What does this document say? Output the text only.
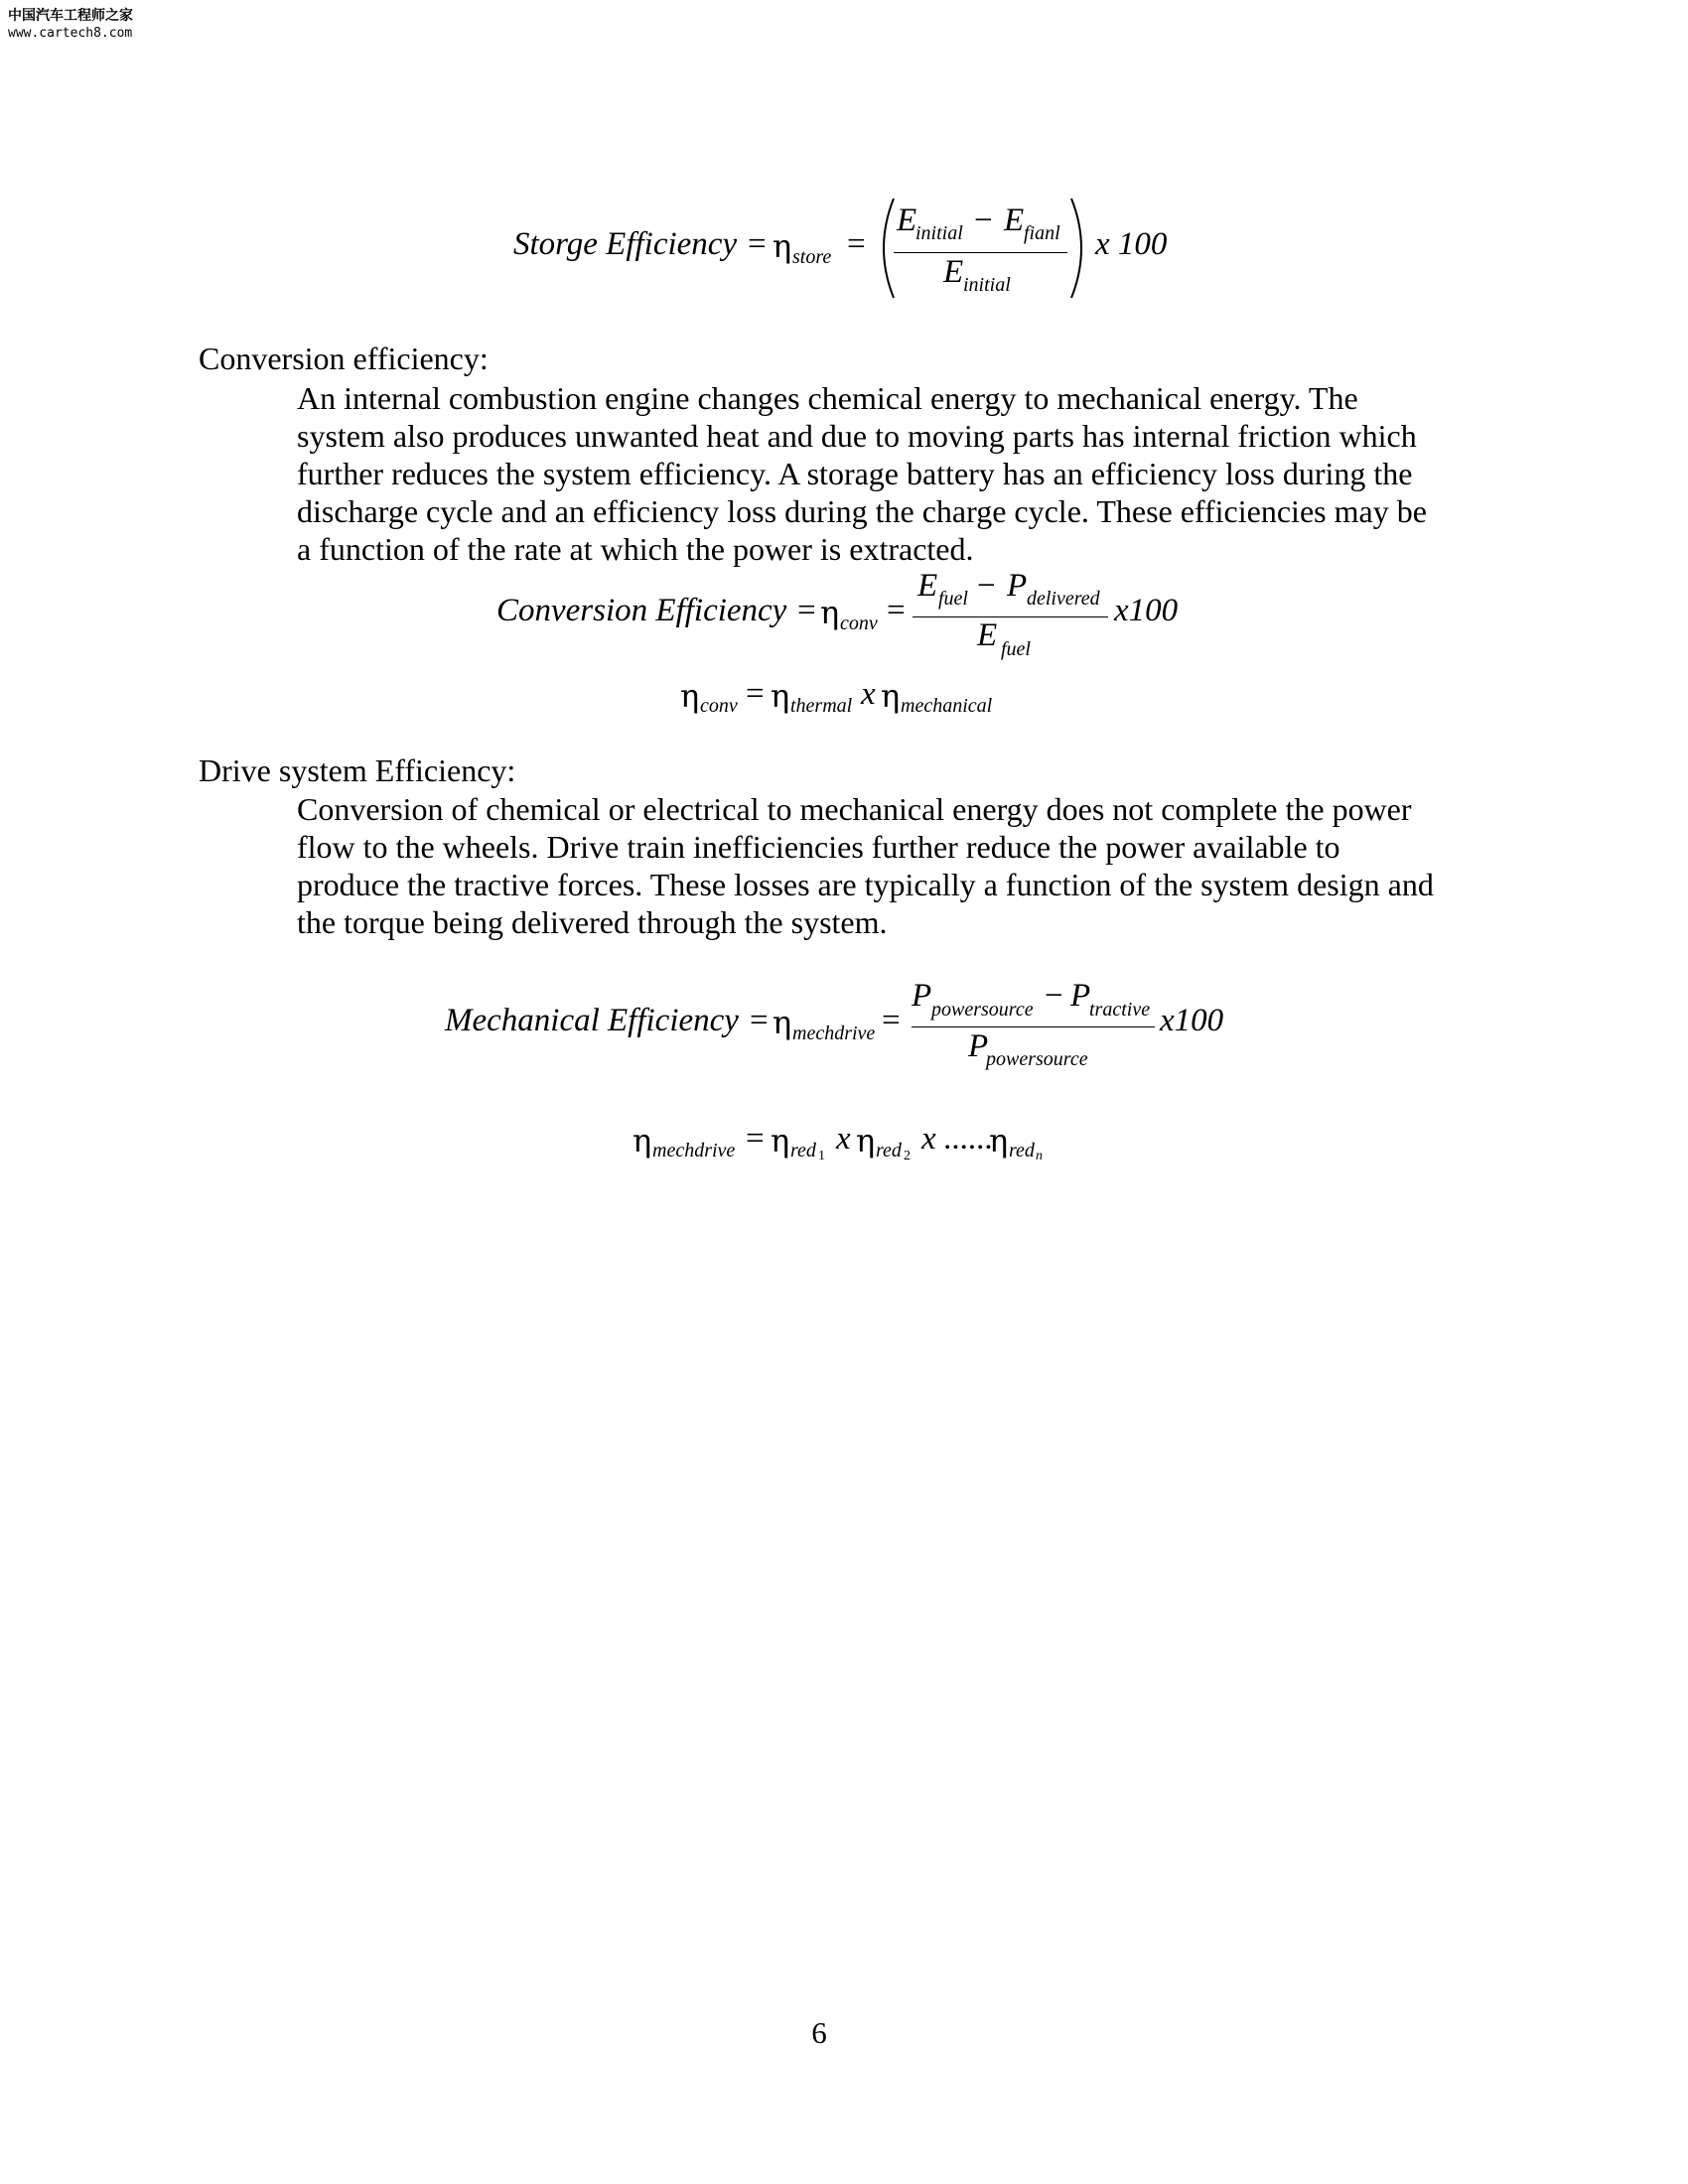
中国汽车工程师之家
www.cartech8.com
Storge Efficiency = η store =
E
initial − E fianl
E initial
x 100
Conversion efficiency:

An internal combustion engine changes chemical energy to mechanical energy. The
system also produces unwanted heat and due to moving parts has internal friction which
further reduces the system efficiency. A storage battery has an efficiency loss during the
discharge cycle and an efficiency loss during the charge cycle. These efficiencies may be
a function of the rate at which the power is extracted.

Conversion Efficiency = η conv =
E fuel − P delivered
E fuel
x100
η conv = η thermal x η mechanical
Drive system Efficiency:

Conversion of chemical or electrical to mechanical energy does not complete the power
flow to the wheels. Drive train inefficiencies further reduce the power available to
produce the tractive forces. These losses are typically a function of the system design and
the torque being delivered through the system.

Mechanical Efficiency = η mechdrive =
P powersource − P
tractive
P
powersource
x100
η mechdrive = η red 1 x η red 2 x ......
η red n
6
